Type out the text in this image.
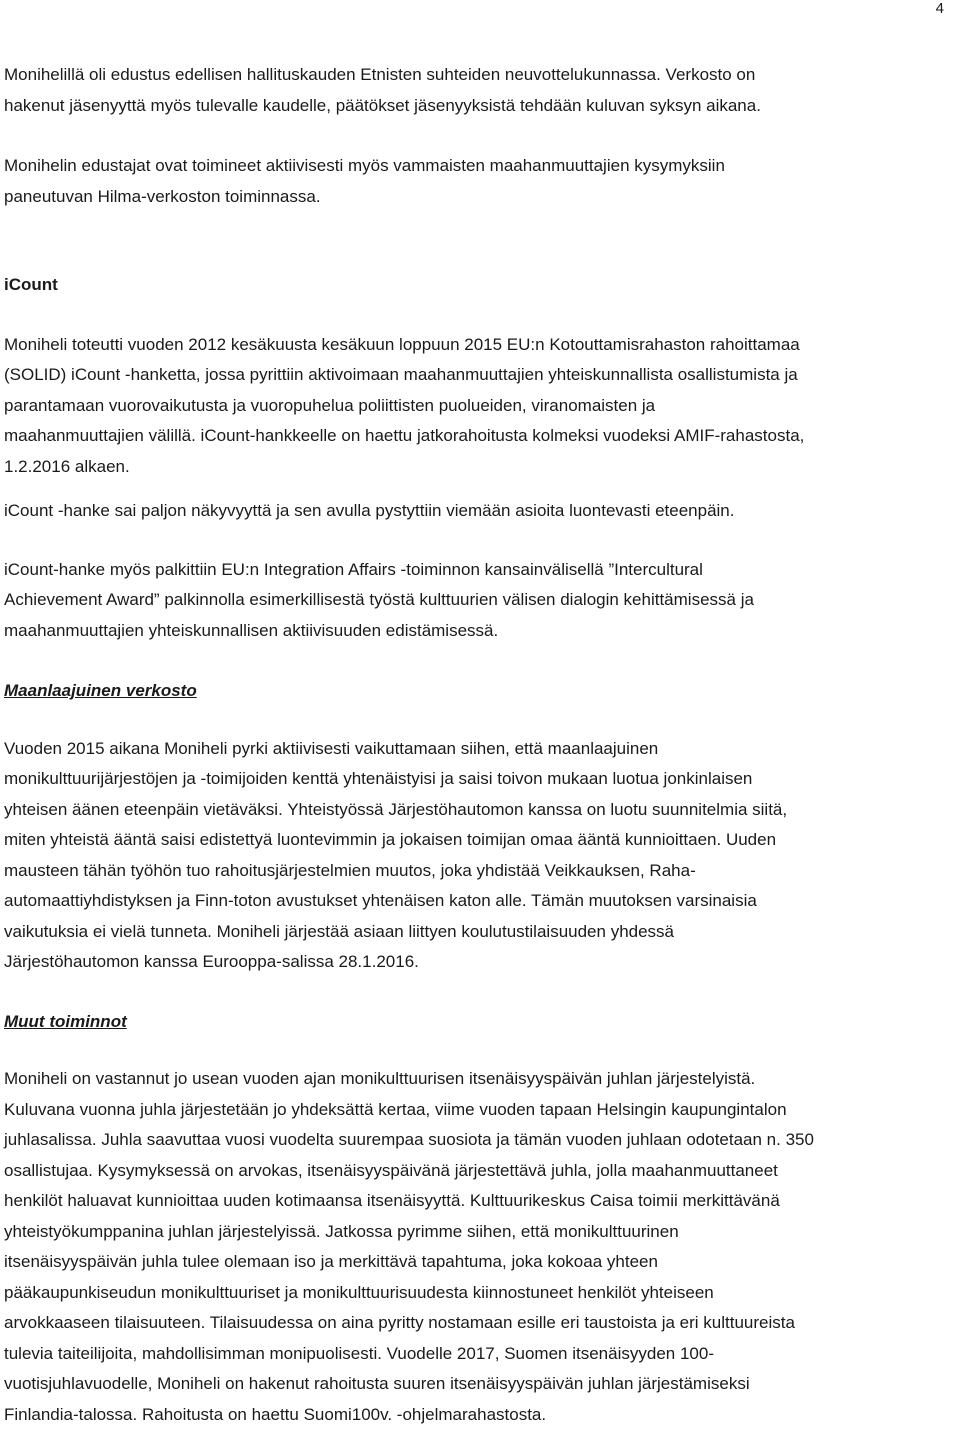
4

Monihelillä oli edustus edellisen hallituskauden Etnisten suhteiden neuvottelukunnassa. Verkosto on
hakenut jäsenyyttä myös tulevalle kaudelle, päätökset jäsenyyksistä tehdään kuluvan syksyn aikana.

Monihelin edustajat ovat toimineet aktiivisesti myös vammaisten maahanmuuttajien kysymyksiin
paneutuvan Hilma-verkoston toiminnassa.

iCount

Moniheli toteutti vuoden 2012 kesäkuusta kesäkuun loppuun 2015 EU:n Kotouttamisrahaston rahoittamaa
(SOLID) iCount -hanketta, jossa pyrittiin aktivoimaan maahanmuuttajien yhteiskunnallista osallistumista ja
parantamaan vuorovaikutusta ja vuoropuhelua poliittisten puolueiden, viranomaisten ja
maahanmuuttajien välillä. iCount-hankkeelle on haettu jatkorahoitusta kolmeksi vuodeksi AMIF-rahastosta,
1.2.2016 alkaen.

iCount -hanke sai paljon näkyvyyttä ja sen avulla pystyttiin viemään asioita luontevasti eteenpäin.

iCount-hanke myös palkittiin EU:n Integration Affairs -toiminnon kansainvälisellä ”Intercultural
Achievement Award” palkinnolla esimerkillisestä työstä kulttuurien välisen dialogin kehittämisessä ja
maahanmuuttajien yhteiskunnallisen aktiivisuuden edistämisessä.

Maanlaajuinen verkosto

Vuoden 2015 aikana Moniheli pyrki aktiivisesti vaikuttamaan siihen, että maanlaajuinen
monikulttuurijärjestöjen ja -toimijoiden kenttä yhtenäistyisi ja saisi toivon mukaan luotua jonkinlaisen
yhteisen äänen eteenpäin vietäväksi. Yhteistyössä Järjestöhautomon kanssa on luotu suunnitelmia siitä,
miten yhteistä ääntä saisi edistettyä luontevimmin ja jokaisen toimijan omaa ääntä kunnioittaen. Uuden
mausteen tähän työhön tuo rahoitusjärjestelmien muutos, joka yhdistää Veikkauksen, Raha-
automaattiyhdistyksen ja Finn-toton avustukset yhtenäisen katon alle. Tämän muutoksen varsinaisia
vaikutuksia ei vielä tunneta. Moniheli järjestää asiaan liittyen koulutustilaisuuden yhdessä
Järjestöhautomon kanssa Eurooppa-salissa 28.1.2016.

Muut toiminnot

Moniheli on vastannut jo usean vuoden ajan monikulttuurisen itsenäisyyspäivän juhlan järjestelyistä.
Kuluvana vuonna juhla järjestetään jo yhdeksättä kertaa, viime vuoden tapaan Helsingin kaupungintalon
juhlasalissa. Juhla saavuttaa vuosi vuodelta suurempaa suosiota ja tämän vuoden juhlaan odotetaan n. 350
osallistujaa. Kysymyksessä on arvokas, itsenäisyyspäivänä järjestettävä juhla, jolla maahanmuuttaneet
henkilöt haluavat kunnioittaa uuden kotimaansa itsenäisyyttä. Kulttuurikeskus Caisa toimii merkittävänä
yhteistyökumppanina juhlan järjestelyissä. Jatkossa pyrimme siihen, että monikulttuurinen
itsenäisyyspäivän juhla tulee olemaan iso ja merkittävä tapahtuma, joka kokoaa yhteen
pääkaupunkiseudun monikulttuuriset ja monikulttuurisuudesta kiinnostuneet henkilöt yhteiseen
arvokkaaseen tilaisuuteen. Tilaisuudessa on aina pyritty nostamaan esille eri taustoista ja eri kulttuureista
tulevia taiteilijoita, mahdollisimman monipuolisesti. Vuodelle 2017, Suomen itsenäisyyden 100-
vuotisjuhlavuodelle, Moniheli on hakenut rahoitusta suuren itsenäisyyspäivän juhlan järjestämiseksi
Finlandia-talossa. Rahoitusta on haettu Suomi100v. -ohjelmarahastosta.
